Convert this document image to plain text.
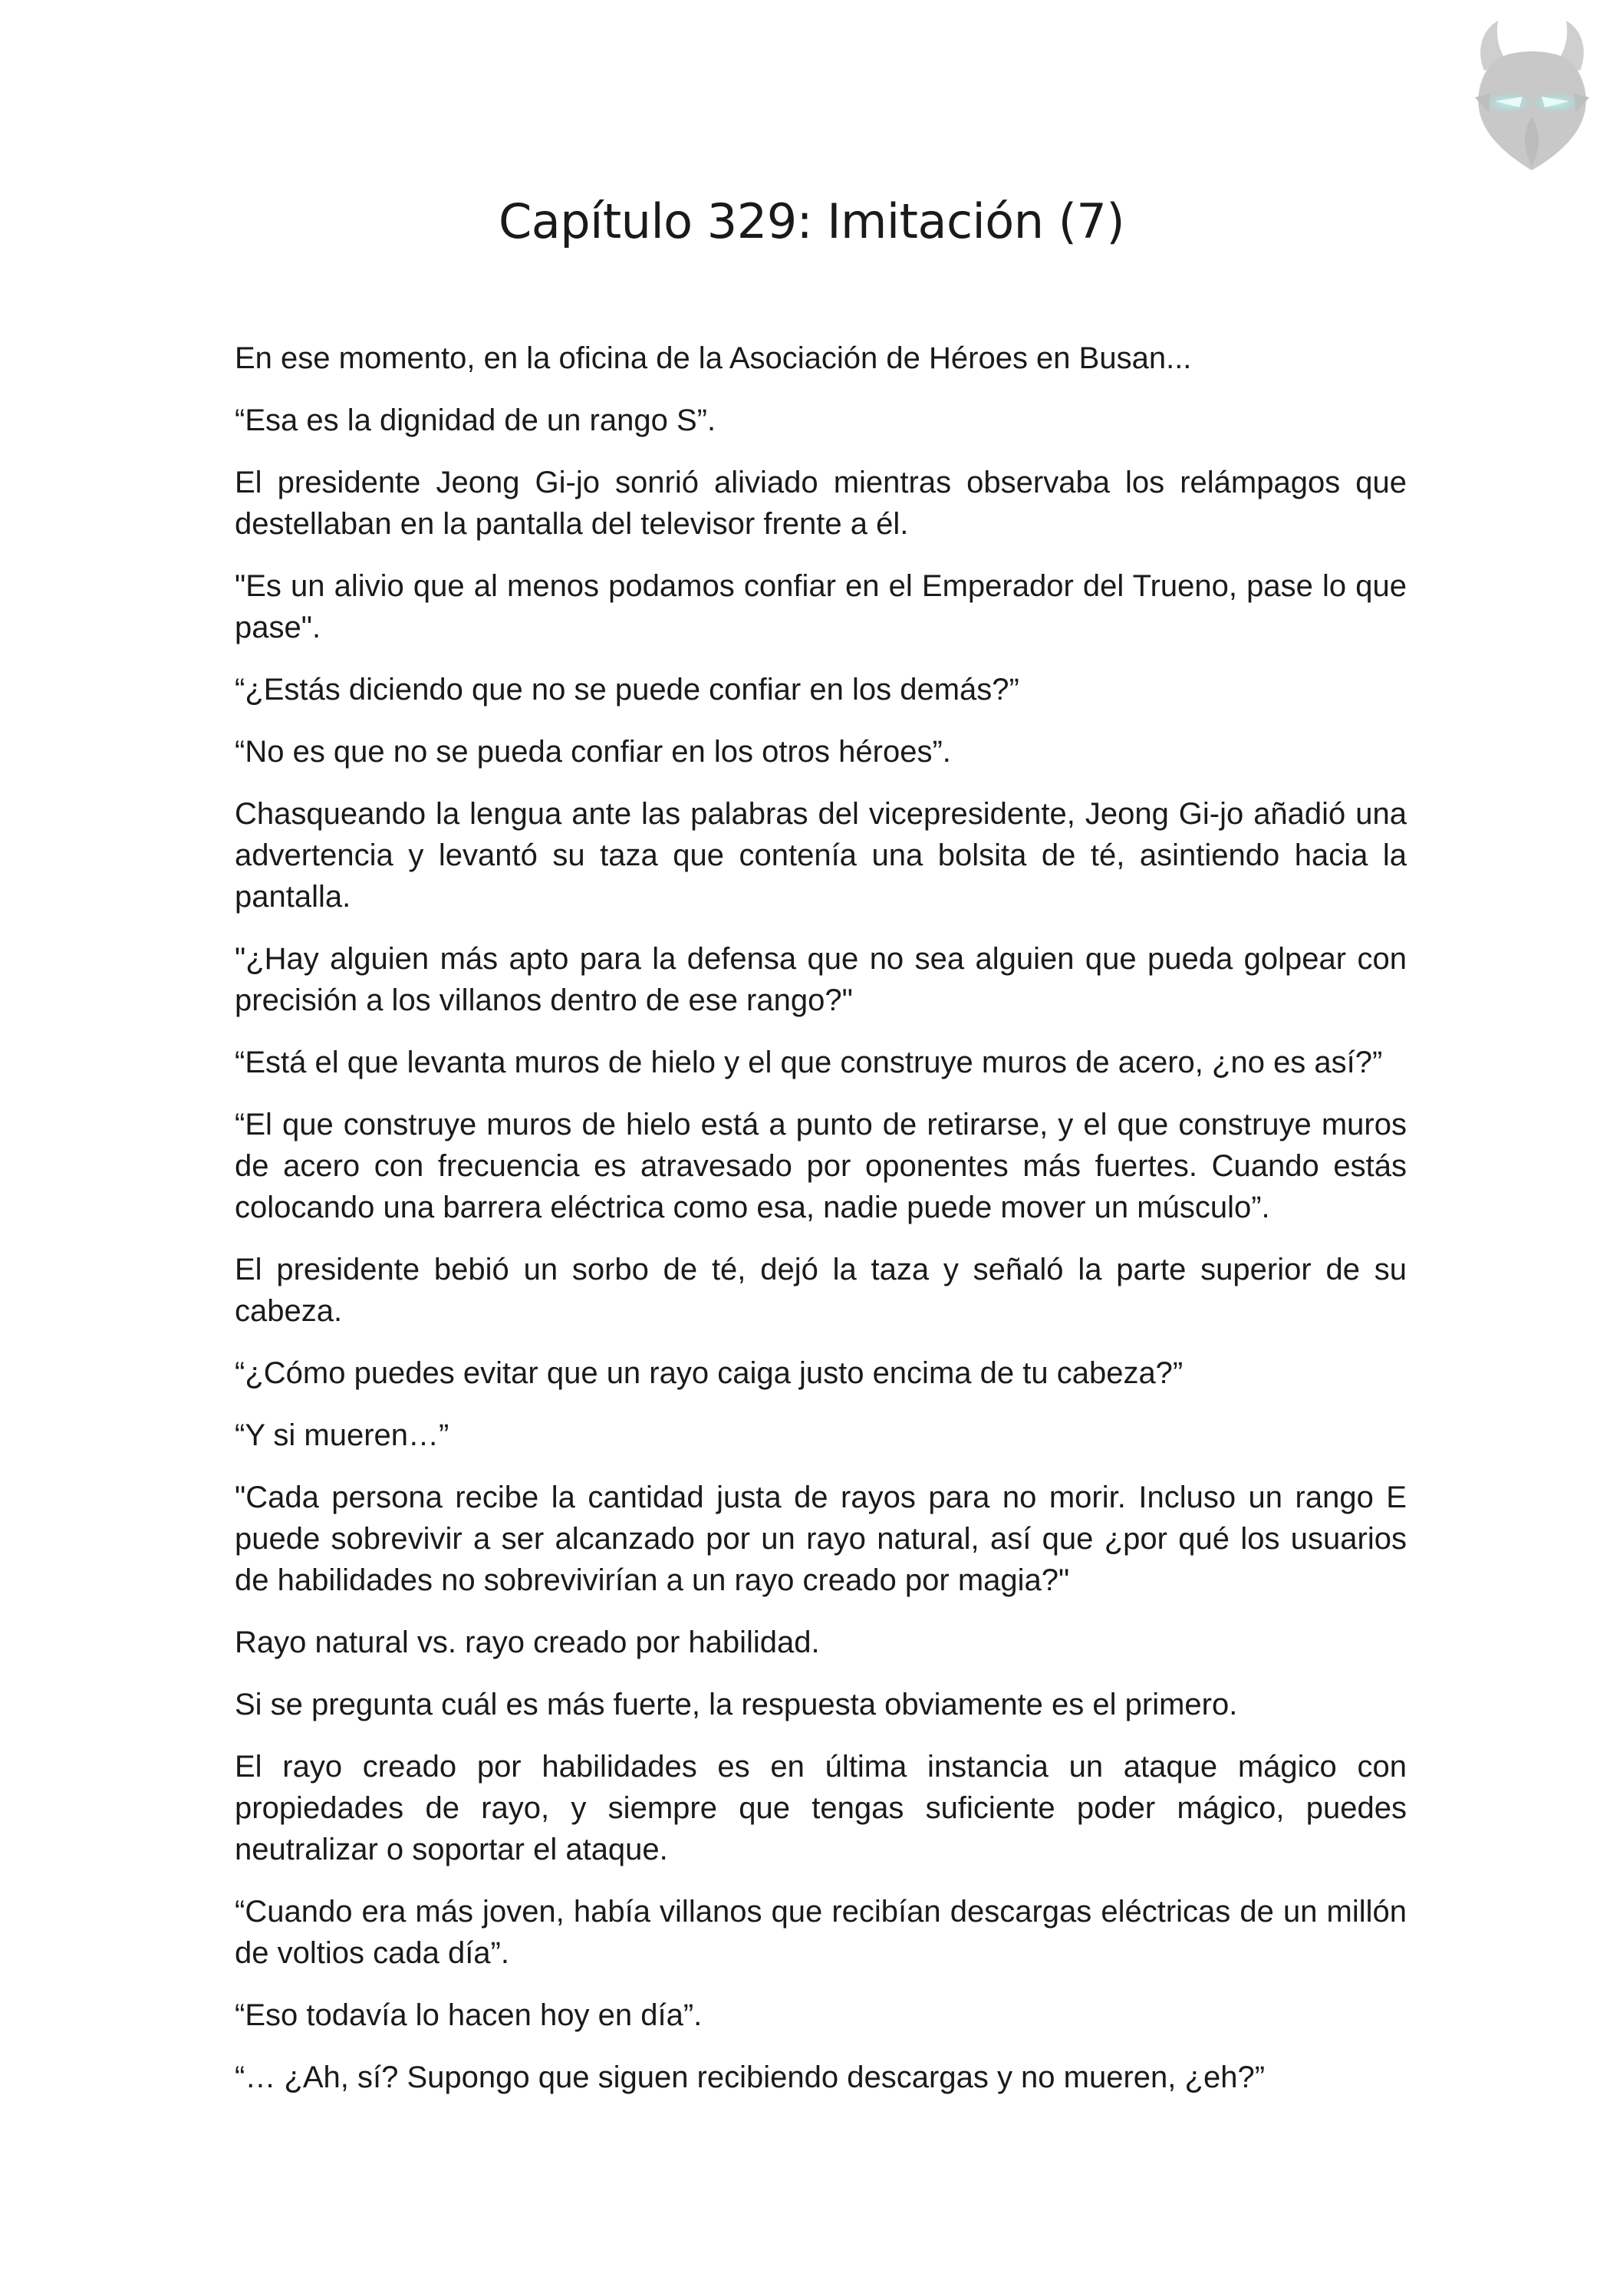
Capítulo 329: Imitación (7)

En ese momento, en la oficina de la Asociación de Héroes en Busan...

“Esa es la dignidad de un rango S”.

El presidente Jeong Gi-jo sonrió aliviado mientras observaba los relámpagos que destellaban en la pantalla del televisor frente a él.

"Es un alivio que al menos podamos confiar en el Emperador del Trueno, pase lo que pase".

“¿Estás diciendo que no se puede confiar en los demás?”

“No es que no se pueda confiar en los otros héroes”.

Chasqueando la lengua ante las palabras del vicepresidente, Jeong Gi-jo añadió una advertencia y levantó su taza que contenía una bolsita de té, asintiendo hacia la pantalla.

"¿Hay alguien más apto para la defensa que no sea alguien que pueda golpear con precisión a los villanos dentro de ese rango?"

“Está el que levanta muros de hielo y el que construye muros de acero, ¿no es así?”

“El que construye muros de hielo está a punto de retirarse, y el que construye muros de acero con frecuencia es atravesado por oponentes más fuertes. Cuando estás colocando una barrera eléctrica como esa, nadie puede mover un músculo”.

El presidente bebió un sorbo de té, dejó la taza y señaló la parte superior de su cabeza.

“¿Cómo puedes evitar que un rayo caiga justo encima de tu cabeza?”

“Y si mueren…”

"Cada persona recibe la cantidad justa de rayos para no morir. Incluso un rango E puede sobrevivir a ser alcanzado por un rayo natural, así que ¿por qué los usuarios de habilidades no sobrevivirían a un rayo creado por magia?"

Rayo natural vs. rayo creado por habilidad.

Si se pregunta cuál es más fuerte, la respuesta obviamente es el primero.

El rayo creado por habilidades es en última instancia un ataque mágico con propiedades de rayo, y siempre que tengas suficiente poder mágico, puedes neutralizar o soportar el ataque.

“Cuando era más joven, había villanos que recibían descargas eléctricas de un millón de voltios cada día”.

“Eso todavía lo hacen hoy en día”.

“… ¿Ah, sí? Supongo que siguen recibiendo descargas y no mueren, ¿eh?”
